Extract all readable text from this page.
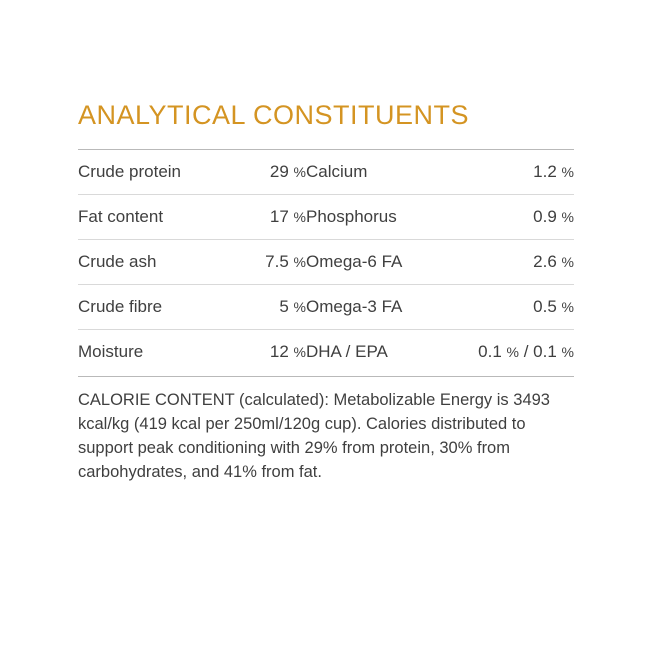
ANALYTICAL CONSTITUENTS
Crude protein	29 %	Calcium	1.2 %
Fat content	17 %	Phosphorus	0.9 %
Crude ash	7.5 %	Omega-6 FA	2.6 %
Crude fibre	5 %	Omega-3 FA	0.5 %
Moisture	12 %	DHA / EPA	0.1 % / 0.1 %

CALORIE CONTENT (calculated): Metabolizable Energy is 3493 kcal/kg (419 kcal per 250ml/120g cup). Calories distributed to support peak conditioning with 29% from protein, 30% from carbohydrates, and 41% from fat.
